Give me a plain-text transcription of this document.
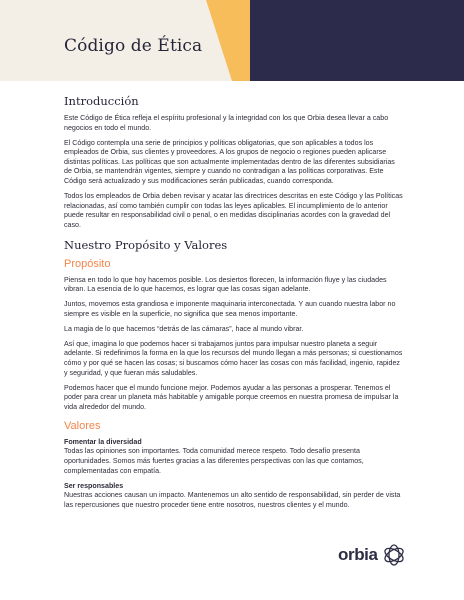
Código de Ética
Introducción

Este Código de Ética refleja el espíritu profesional y la integridad con los que Orbia desea llevar a cabo negocios en todo el mundo.

El Código contempla una serie de principios y políticas obligatorias, que son aplicables a todos los empleados de Orbia, sus clientes y proveedores. A los grupos de negocio o regiones pueden aplicarse distintas políticas. Las políticas que son actualmente implementadas dentro de las diferentes subsidiarias de Orbia, se mantendrán vigentes, siempre y cuando no contradigan a las políticas corporativas. Este Código será actualizado y sus modificaciones serán publicadas, cuando corresponda.

Todos los empleados de Orbia deben revisar y acatar las directrices descritas en este Código y las Políticas relacionadas, así como también cumplir con todas las leyes aplicables. El incumplimiento de lo anterior puede resultar en responsabilidad civil o penal, o en medidas disciplinarias acordes con la gravedad del caso.

Nuestro Propósito y Valores
Propósito

Piensa en todo lo que hoy hacemos posible. Los desiertos florecen, la información fluye y las ciudades vibran. La esencia de lo que hacemos, es lograr que las cosas sigan adelante.

Juntos, movemos esta grandiosa e imponente maquinaria interconectada. Y aun cuando nuestra labor no siempre es visible en la superficie, no significa que sea menos importante.

La magia de lo que hacemos “detrás de las cámaras”, hace al mundo vibrar.

Así que, imagina lo que podemos hacer si trabajamos juntos para impulsar nuestro planeta a seguir adelante. Si redefinimos la forma en la que los recursos del mundo llegan a más personas; si cuestionamos cómo y por qué se hacen las cosas; si buscamos cómo hacer las cosas con más facilidad, ingenio, rapidez y seguridad, y que fueran más saludables.

Podemos hacer que el mundo funcione mejor. Podemos ayudar a las personas a prosperar. Tenemos el poder para crear un planeta más habitable y amigable porque creemos en nuestra promesa de impulsar la vida alrededor del mundo.

Valores

Fomentar la diversidad

Todas las opiniones son importantes. Toda comunidad merece respeto. Todo desafío presenta oportunidades. Somos más fuertes gracias a las diferentes perspectivas con las que contamos, complementadas con empatía.

Ser responsables

Nuestras acciones causan un impacto. Mantenemos un alto sentido de responsabilidad, sin perder de vista las repercusiones que nuestro proceder tiene entre nosotros, nuestros clientes y el mundo.

orbia
